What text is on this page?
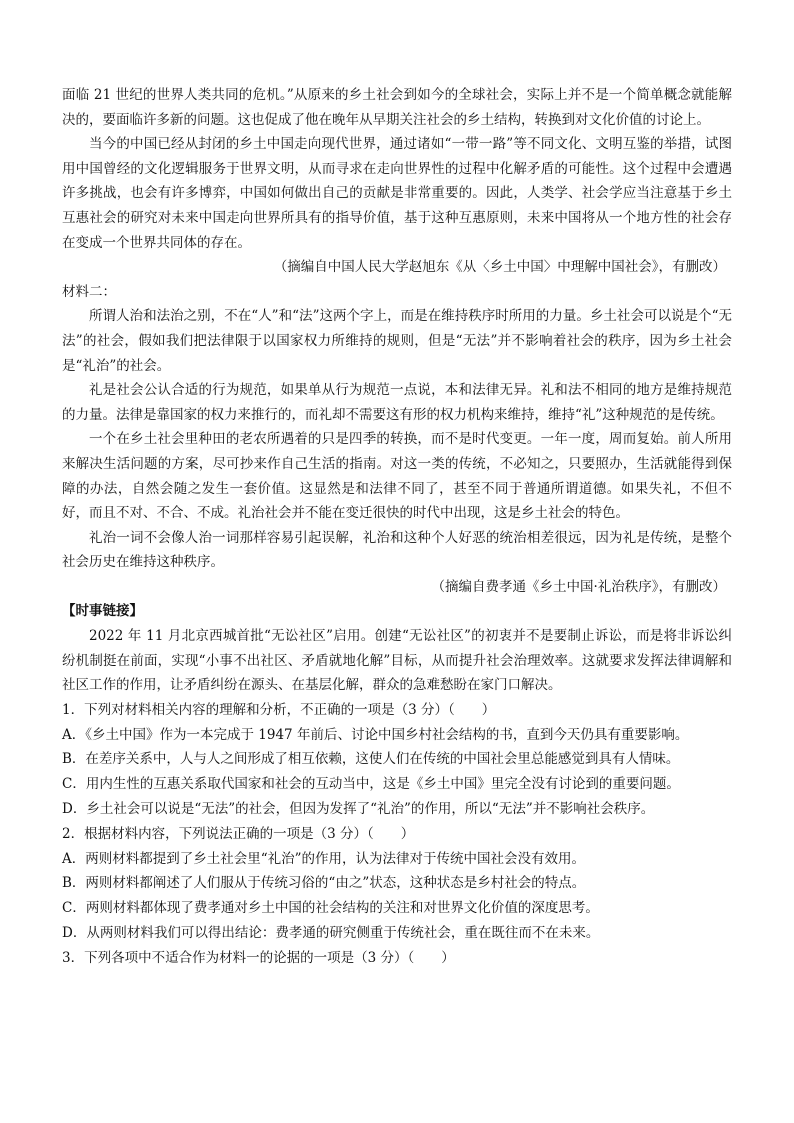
面临 21 世纪的世界人类共同的危机。”从原来的乡土社会到如今的全球社会，实际上并不是一个简单概念就能解决的，要面临许多新的问题。这也促成了他在晚年从早期关注社会的乡土结构，转换到对文化价值的讨论上。

当今的中国已经从封闭的乡土中国走向现代世界，通过诸如“一带一路”等不同文化、文明互鉴的举措，试图用中国曾经的文化逻辑服务于世界文明，从而寻求在走向世界性的过程中化解矛盾的可能性。这个过程中会遭遇许多挑战，也会有许多博弈，中国如何做出自己的贡献是非常重要的。因此，人类学、社会学应当注意基于乡土互惠社会的研究对未来中国走向世界所具有的指导价值，基于这种互惠原则，未来中国将从一个地方性的社会存在变成一个世界共同体的存在。

（摘编自中国人民大学赵旭东《从〈乡土中国〉中理解中国社会》，有删改）

材料二：

所谓人治和法治之别，不在“人”和“法”这两个字上，而是在维持秩序时所用的力量。乡土社会可以说是个“无法”的社会，假如我们把法律限于以国家权力所维持的规则，但是“无法”并不影响着社会的秩序，因为乡土社会是“礼治”的社会。

礼是社会公认合适的行为规范，如果单从行为规范一点说，本和法律无异。礼和法不相同的地方是维持规范的力量。法律是靠国家的权力来推行的，而礼却不需要这有形的权力机构来维持，维持“礼”这种规范的是传统。

一个在乡土社会里种田的老农所遇着的只是四季的转换，而不是时代变更。一年一度，周而复始。前人所用来解决生活问题的方案，尽可抄来作自己生活的指南。对这一类的传统，不必知之，只要照办，生活就能得到保障的办法，自然会随之发生一套价值。这显然是和法律不同了，甚至不同于普通所谓道德。如果失礼，不但不好，而且不对、不合、不成。礼治社会并不能在变迁很快的时代中出现，这是乡土社会的特色。

礼治一词不会像人治一词那样容易引起误解，礼治和这种个人好恶的统治相差很远，因为礼是传统，是整个社会历史在维持这种秩序。

（摘编自费孝通《乡土中国·礼治秩序》，有删改）

【时事链接】

2022 年 11 月北京西城首批“无讼社区”启用。创建“无讼社区”的初衷并不是要制止诉讼，而是将非诉讼纠纷机制挺在前面，实现“小事不出社区、矛盾就地化解”目标，从而提升社会治理效率。这就要求发挥法律调解和社区工作的作用，让矛盾纠纷在源头、在基层化解，群众的急难愁盼在家门口解决。

1．下列对材料相关内容的理解和分析，不正确的一项是（3 分）（　　）

A．《乡土中国》作为一本完成于 1947 年前后、讨论中国乡村社会结构的书，直到今天仍具有重要影响。

B．在差序关系中，人与人之间形成了相互依赖，这使人们在传统的中国社会里总能感觉到具有人情味。

C．用内生性的互惠关系取代国家和社会的互动当中，这是《乡土中国》里完全没有讨论到的重要问题。

D．乡土社会可以说是“无法”的社会，但因为发挥了“礼治”的作用，所以“无法”并不影响社会秩序。

2．根据材料内容，下列说法正确的一项是（3 分）（　　）

A．两则材料都提到了乡土社会里“礼治”的作用，认为法律对于传统中国社会没有效用。

B．两则材料都阐述了人们服从于传统习俗的“由之”状态，这种状态是乡村社会的特点。

C．两则材料都体现了费孝通对乡土中国的社会结构的关注和对世界文化价值的深度思考。

D．从两则材料我们可以得出结论：费孝通的研究侧重于传统社会，重在既往而不在未来。

3．下列各项中不适合作为材料一的论据的一项是（3 分）（　　）
